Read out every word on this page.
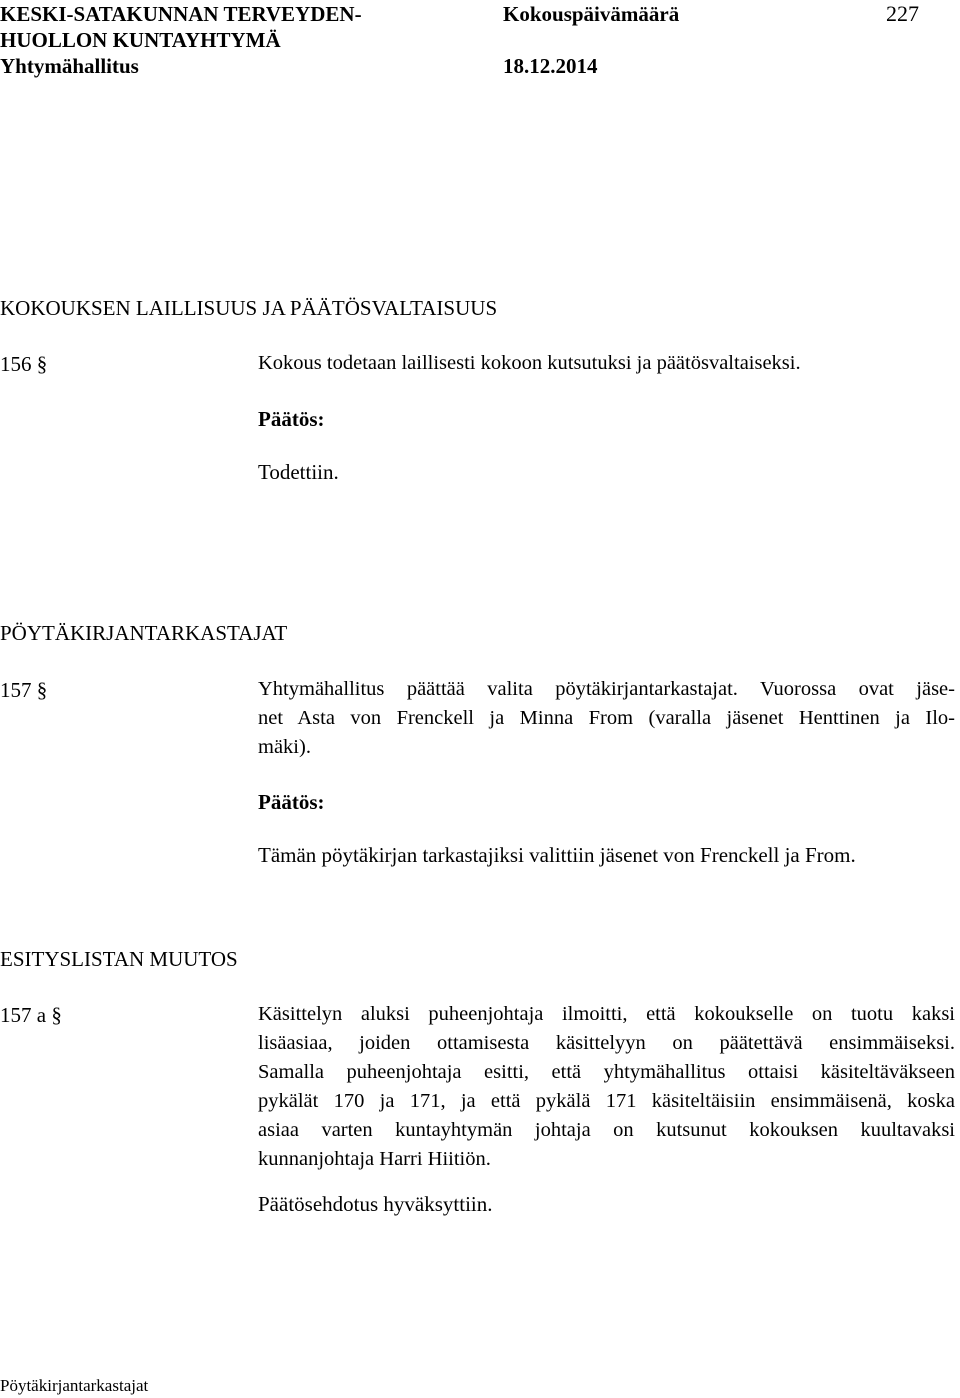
KESKI-SATAKUNNAN TERVEYDEN-
HUOLLON KUNTAYHTYMÄ
Yhtymähallitus
Kokouspäivämäärä
18.12.2014
227
KOKOUKSEN LAILLISUUS JA PÄÄTÖSVALTAISUUS
156 §	Kokous todetaan laillisesti kokoon kutsutuksi ja päätösvaltaiseksi.
Päätös:
Todettiin.
PÖYTÄKIRJANTARKASTAJAT
157 §	Yhtymähallitus päättää valita pöytäkirjantarkastajat. Vuorossa ovat jäse-
net Asta von Frenckell ja Minna From (varalla jäsenet Henttinen ja Ilo-
mäki).
Päätös:
Tämän pöytäkirjan tarkastajiksi valittiin jäsenet von Frenckell ja From.
ESITYSLISTAN MUUTOS
157 a §	Käsittelyn aluksi puheenjohtaja ilmoitti, että kokoukselle on tuotu kaksi
lisäasiaa, joiden ottamisesta käsittelyyn on päätettävä ensimmäiseksi.
Samalla puheenjohtaja esitti, että yhtymähallitus ottaisi käsiteltäväkseen
pykälät 170 ja 171, ja että pykälä 171 käsiteltäisiin ensimmäisenä, koska
asiaa varten kuntayhtymän johtaja on kutsunut kokouksen kuultavaksi
kunnanjohtaja Harri Hiitiön.
Päätösehdotus hyväksyttiin.
Pöytäkirjantarkastajat
